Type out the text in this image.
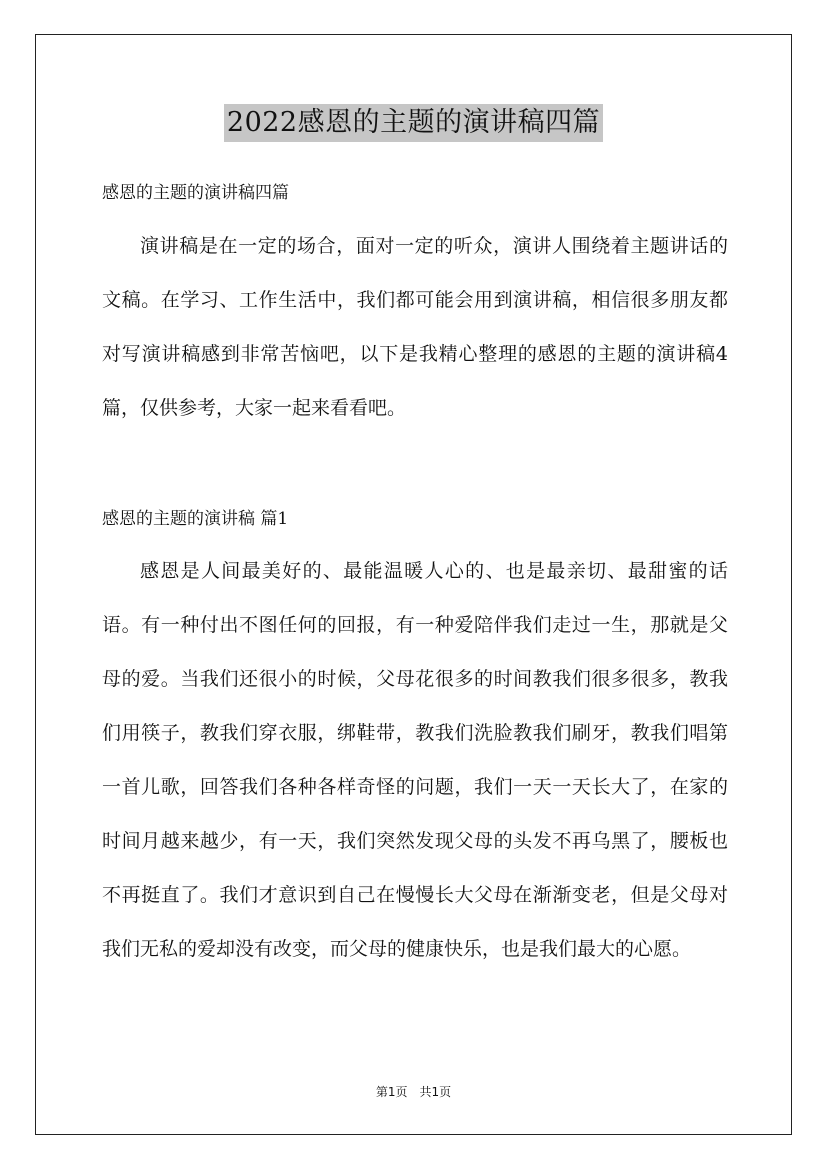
2022感恩的主题的演讲稿四篇
感恩的主题的演讲稿四篇

演讲稿是在一定的场合，面对一定的听众，演讲人围绕着主题讲话的文稿。在学习、工作生活中，我们都可能会用到演讲稿，相信很多朋友都对写演讲稿感到非常苦恼吧，以下是我精心整理的感恩的主题的演讲稿4篇，仅供参考，大家一起来看看吧。

感恩的主题的演讲稿 篇1

感恩是人间最美好的、最能温暖人心的、也是最亲切、最甜蜜的话语。有一种付出不图任何的回报，有一种爱陪伴我们走过一生，那就是父母的爱。当我们还很小的时候，父母花很多的时间教我们很多很多，教我们用筷子，教我们穿衣服，绑鞋带，教我们洗脸教我们刷牙，教我们唱第一首儿歌，回答我们各种各样奇怪的问题，我们一天一天长大了，在家的时间月越来越少，有一天，我们突然发现父母的头发不再乌黑了，腰板也不再挺直了。我们才意识到自己在慢慢长大父母在渐渐变老，但是父母对我们无私的爱却没有改变，而父母的健康快乐，也是我们最大的心愿。

第1页　共1页
